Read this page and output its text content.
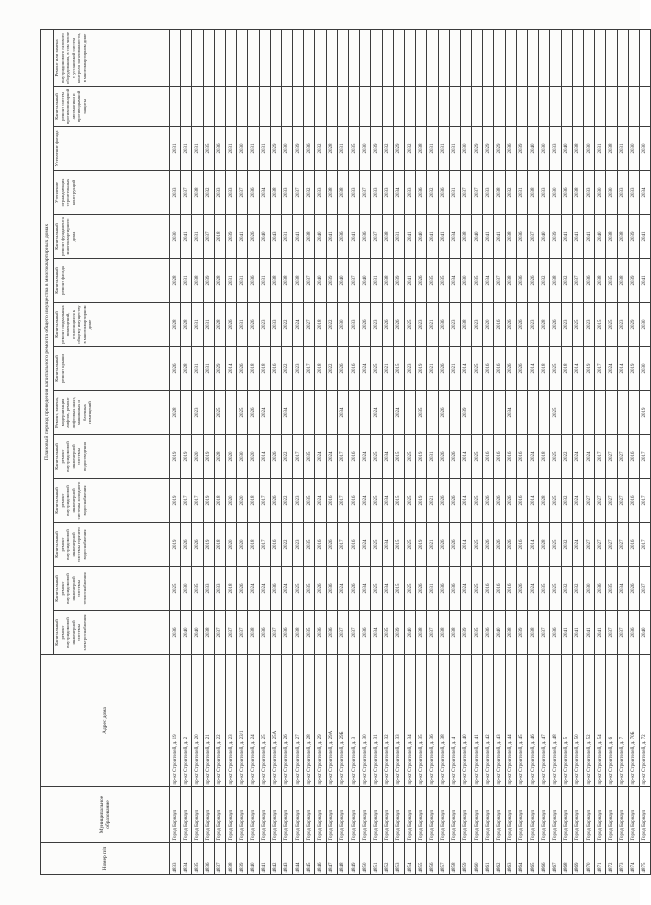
Номер п/п	Муниципальное образование	Адрес дома	Плановый период проведения капитального ремонта общего имущества в многоквартирных домах													
			Капитальный ремонт внутридомовой инженерной системы электроснабжения	Капитальный ремонт внутридомовой инженерной системы теплоснабжения	Капитальный ремонт внутридомовой инженерной системы горячего водоснабжения	Капитальный ремонт внутридомовой инженерной системы холодного водоснабжения	Капитальный ремонт внутридомовой инженерной системы водоотведения	Ремонт, замена, модернизация лифтов, ремонт лифтовых шахт, машинных и блочных помещений	Капитальный ремонт крыши	Капитальный ремонт подвальных помещений, относящихся к общему имуществу в многоквартирном доме	Капитальный ремонт фасада	Капитальный ремонт фундамента многоквартирного дома	Утепление ограждающих строительных конструкций	Утепление фасада	Капитальный ремонт систем противопожарной автоматики и противодымной защиты	Ремонт или замена внутридомового газового оборудования, в том числе с установкой систем контроля загазованности, в многоквартирном доме
4833	Город Барнаул	пр-кт Строителей, д. 19	2036	2025	2019	2019	2019	2028	2026	2028	2028	2030	2033	2031		
4834	Город Барнаул	пр-кт Строителей, д. 2	2040	2030	2026	2017	2019		2028	2028	2031	2041	2037	2031		
4835	Город Барнаул	пр-кт Строителей, д. 20	2040	2035	2026	2017	2020	2023	2031	2031	2038	2031	2038	2031		
4836	Город Барнаул	пр-кт Строителей, д. 21	2038	2033	2019	2019	2019		2031	2031	2039	2037	2032	2035		
4837	Город Барнаул	пр-кт Строителей, д. 22	2037	2033	2018	2018	2028	2025	2029	2028	2028	2018	2033	2036		
4838	Город Барнаул	пр-кт Строителей, д. 23	2037	2018	2020	2020	2020		2014	2026	2031	2039	2033	2031		
4839	Город Барнаул	пр-кт Строителей, д. 23/1	2037	2026	2020	2020	2030	2025	2026	2031	2031	2041	2037	2030		
4840	Город Барнаул	пр-кт Строителей, д. 24	2038	2024	2018	2018	2020	2026	2018	2026	2036	2026	2036	2031		
4841	Город Барнаул	пр-кт Строителей, д. 25	2036	2024	2017	2017	2014	2024	2018	2023	2031	2040	2034	2031		
4842	Город Барнаул	пр-кт Строителей, д. 25А	2037	2036	2016	2026	2026		2016	2033	2038	2043	2038	2029		
4843	Город Барнаул	пр-кт Строителей, д. 26	2036	2024	2022	2022	2022	2034	2022	2022	2038	2031	2033	2030		
4844	Город Барнаул	пр-кт Строителей, д. 27	2038	2025	2023	2023	2017		2023	2024	2038	2041	2037	2039		
4845	Город Барнаул	пр-кт Строителей, д. 28	2035	2035	2035	2035	2035		2017	2027	2037	2038	2032	2036		
4846	Город Барнаул	пр-кт Строителей, д. 29	2036	2026	2016	2024	2024		2018	2018	2040	2040	2033	2032		
4847	Город Барнаул	пр-кт Строителей, д. 29А	2036	2036	2026	2016	2024		2022	2022	2039	2041	2038	2028		
4848	Город Барнаул	пр-кт Строителей, д. 29Б	2037	2024	2017	2017	2017	2034	2026	2030	2040	2036	2038	2031		
4849	Город Барнаул	пр-кт Строителей, д. 3	2037	2026	2016	2016	2016		2016	2033	2037	2041	2033	2035		
4850	Город Барнаул	пр-кт Строителей, д. 30	2036	2034	2024	2024	2024		2024	2026	2040	2036	2037	2030		
4851	Город Барнаул	пр-кт Строителей, д. 31	2034	2025	2025	2025	2025	2024	2025	2023	2031	2037	2033	2039		
4852	Город Барнаул	пр-кт Строителей, д. 32	2035	2034	2034	2034	2034		2021	2026	2038	2038	2033	2032		
4853	Город Барнаул	пр-кт Строителей, д. 33	2039	2015	2015	2015	2015	2024	2015	2026	2039	2031	2034	2029		
4854	Город Барнаул	пр-кт Строителей, д. 34	2040	2025	2025	2025	2025		2023	2025	2041	2041	2033	2032		
4855	Город Барнаул	пр-кт Строителей, д. 35	2038	2026	2019	2019	2019	2035	2019	2023	2026	2040	2036	2038		
4856	Город Барнаул	пр-кт Строителей, д. 36	2037	2031	2021	2021	2031		2021	2021	2035	2041	2032	2031		
4857	Город Барнаул	пр-кт Строителей, д. 38	2038	2036	2026	2026	2026	2026	2026	2036	2035	2041	2036	2031		
4858	Город Барнаул	пр-кт Строителей, д. 4	2038	2036	2026	2026	2026		2021	2023	2034	2034	2031	2031		
4859	Город Барнаул	пр-кт Строителей, д. 40	2039	2024	2014	2014	2014	2039	2014	2038	2030	2038	2037	2030		
4860	Город Барнаул	пр-кт Строителей, д. 41	2035	2025	2025	2025	2025		2025	2023	2035	2040	2037	2029		
4861	Город Барнаул	пр-кт Строителей, д. 42	2036	2016	2026	2026	2016		2016	2020	2034	2041	2033	2029		
4862	Город Барнаул	пр-кт Строителей, д. 43	2040	2016	2026	2026	2016		2016	2016	2037	2041	2038	2029		
4863	Город Барнаул	пр-кт Строителей, д. 44	2038	2016	2026	2026	2016	2034	2026	2026	2038	2038	2032	2036		
4864	Город Барнаул	пр-кт Строителей, д. 45	2039	2026	2016	2016	2016		2026	2026	2036	2036	2031	2039		
4865	Город Барнаул	пр-кт Строителей, д. 46	2038	2024	2014	2014	2024		2014	2023	2026	2037	2038	2040		
4866	Город Барнаул	пр-кт Строителей, д. 47	2037	2035	2028	2028	2018		2018	2028	2032	2040	2033	2030		
4867	Город Барнаул	пр-кт Строителей, д. 48	2036	2025	2025	2025	2025	2025	2025	2026	2038	2039	2030	2033		
4868	Город Барнаул	пр-кт Строителей, д. 5	2041	2032	2032	2032	2022		2018	2023	2032	2041	2036	2040		
4869	Город Барнаул	пр-кт Строителей, д. 50	2041	2032	2024	2024	2024		2014	2025	2037	2041	2038	2038		
4870	Город Барнаул	пр-кт Строителей, д. 52	2041	2030	2027	2027	2024		2019	2023	2036	2041	2033	2030		
4871	Город Барнаул	пр-кт Строителей, д. 54	2041	2036	2027	2027	2017		2017	2015	2038	2040	2030	2031		
4872	Город Барнаул	пр-кт Строителей, д. 6	2037	2035	2027	2027	2027		2024	2025	2035	2038	2030	2038		
4873	Город Барнаул	пр-кт Строителей, д. 7	2037	2034	2027	2027	2027		2014	2023	2038	2038	2033	2031		
4874	Город Барнаул	пр-кт Строителей, д. 70Б	2036	2026	2016	2016	2016		2019	2029	2039	2039	2033	2030		
4875	Город Барнаул	пр-кт Строителей, д. 72	2040	2037	2017	2017	2017	2019	2030	2030	2041	2041	2034	2030		
